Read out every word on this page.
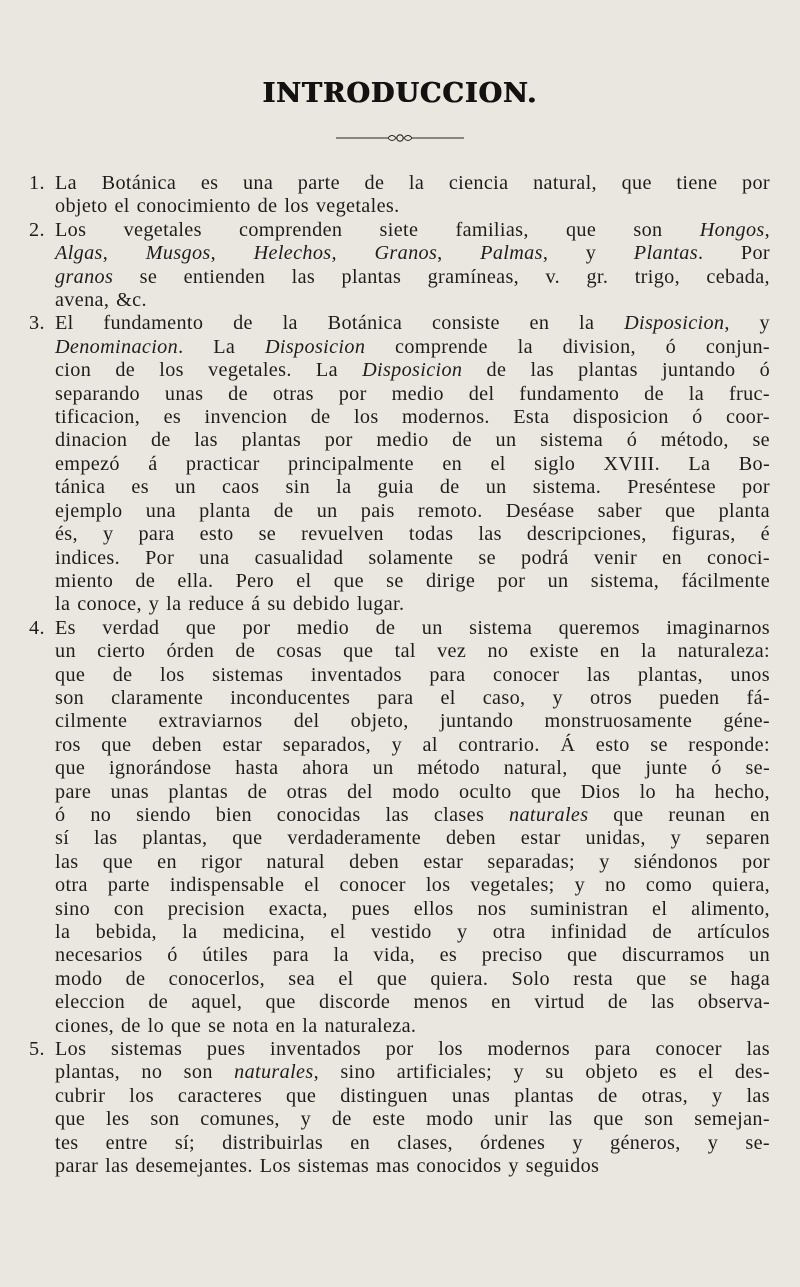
INTRODUCCION.
1. La Botánica es una parte de la ciencia natural, que tiene por
objeto el conocimiento de los vegetales.
2. Los vegetales comprenden siete familias, que son Hongos,
Algas, Musgos, Helechos, Granos, Palmas, y Plantas. Por
granos se entienden las plantas gramíneas, v. gr. trigo, cebada,
avena, &c.
3. El fundamento de la Botánica consiste en la Disposicion, y
Denominacion. La Disposicion comprende la division, ó conjun-
cion de los vegetales. La Disposicion de las plantas juntando ó
separando unas de otras por medio del fundamento de la fruc-
tificacion, es invencion de los modernos. Esta disposicion ó coor-
dinacion de las plantas por medio de un sistema ó método, se
empezó á practicar principalmente en el siglo XVIII. La Bo-
tánica es un caos sin la guia de un sistema. Preséntese por
ejemplo una planta de un pais remoto. Deséase saber que planta
és, y para esto se revuelven todas las descripciones, figuras, é
indices. Por una casualidad solamente se podrá venir en conoci-
miento de ella. Pero el que se dirige por un sistema, fácilmente
la conoce, y la reduce á su debido lugar.
4. Es verdad que por medio de un sistema queremos imaginarnos
un cierto órden de cosas que tal vez no existe en la naturaleza:
que de los sistemas inventados para conocer las plantas, unos
son claramente inconducentes para el caso, y otros pueden fá-
cilmente extraviarnos del objeto, juntando monstruosamente géne-
ros que deben estar separados, y al contrario. Á esto se responde:
que ignorándose hasta ahora un método natural, que junte ó se-
pare unas plantas de otras del modo oculto que Dios lo ha hecho,
ó no siendo bien conocidas las clases naturales que reunan en
sí las plantas, que verdaderamente deben estar unidas, y separen
las que en rigor natural deben estar separadas; y siéndonos por
otra parte indispensable el conocer los vegetales; y no como quiera,
sino con precision exacta, pues ellos nos suministran el alimento,
la bebida, la medicina, el vestido y otra infinidad de artículos
necesarios ó útiles para la vida, es preciso que discurramos un
modo de conocerlos, sea el que quiera. Solo resta que se haga
eleccion de aquel, que discorde menos en virtud de las observa-
ciones, de lo que se nota en la naturaleza.
5. Los sistemas pues inventados por los modernos para conocer las
plantas, no son naturales, sino artificiales; y su objeto es el des-
cubrir los caracteres que distinguen unas plantas de otras, y las
que les son comunes, y de este modo unir las que son semejan-
tes entre sí; distribuirlas en clases, órdenes y géneros, y se-
parar las desemejantes. Los sistemas mas conocidos y seguidos
